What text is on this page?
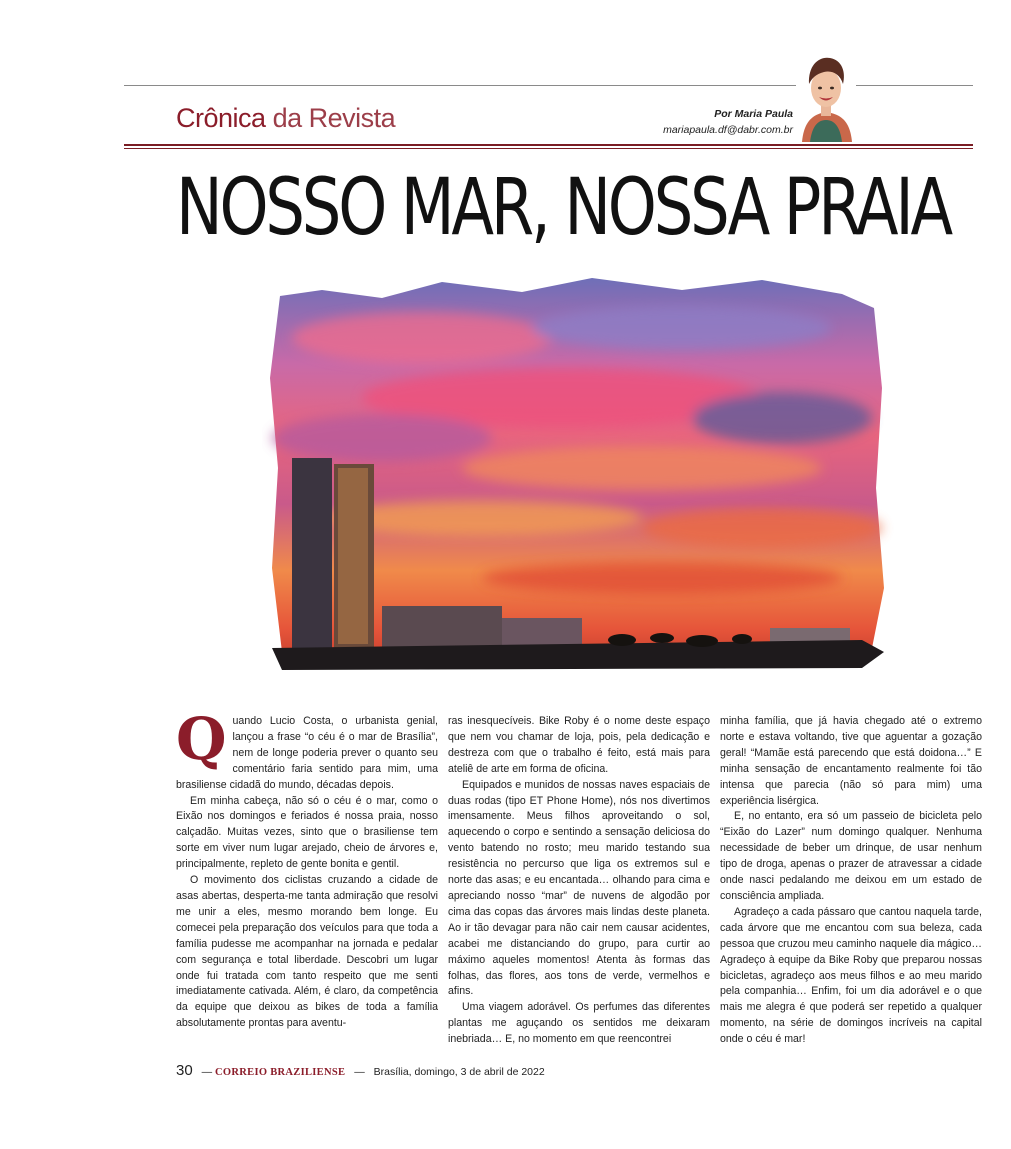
Crônica da Revista	Por Maria Paula
mariapaula.df@dabr.com.br
NOSSO MAR, NOSSA PRAIA
Q uando Lucio Costa, o urbanista genial, lançou a frase “o céu é o mar de Brasília”, nem de longe poderia prever o quanto seu comentário faria sentido para mim, uma brasiliense cidadã do mundo, décadas depois.

Em minha cabeça, não só o céu é o mar, como o Eixão nos domingos e feriados é nossa praia, nosso calçadão. Muitas vezes, sinto que o brasiliense tem sorte em viver num lugar arejado, cheio de árvores e, principalmente, repleto de gente bonita e gentil.

O movimento dos ciclistas cruzando a cidade de asas abertas, desperta-me tanta admiração que resolvi me unir a eles, mesmo morando bem longe. Eu comecei pela preparação dos veículos para que toda a família pudesse me acompanhar na jornada e pedalar com segurança e total liberdade. Descobri um lugar onde fui tratada com tanto respeito que me senti imediatamente cativada. Além, é claro, da competência da equipe que deixou as bikes de toda a família absolutamente prontas para aventu-

ras inesquecíveis. Bike Roby é o nome deste espaço que nem vou chamar de loja, pois, pela dedicação e destreza com que o trabalho é feito, está mais para ateliê de arte em forma de oficina.

Equipados e munidos de nossas naves espaciais de duas rodas (tipo ET Phone Home), nós nos divertimos imensamente. Meus filhos aproveitando o sol, aquecendo o corpo e sentindo a sensação deliciosa do vento batendo no rosto; meu marido testando sua resistência no percurso que liga os extremos sul e norte das asas; e eu encantada… olhando para cima e apreciando nosso “mar” de nuvens de algodão por cima das copas das árvores mais lindas deste planeta. Ao ir tão devagar para não cair nem causar acidentes, acabei me distanciando do grupo, para curtir ao máximo aqueles momentos! Atenta às formas das folhas, das flores, aos tons de verde, vermelhos e afins.

Uma viagem adorável. Os perfumes das diferentes plantas me aguçando os sentidos me deixaram inebriada… E, no momento em que reencontrei

minha família, que já havia chegado até o extremo norte e estava voltando, tive que aguentar a gozação geral! “Mamãe está parecendo que está doidona…” E minha sensação de encantamento realmente foi tão intensa que parecia (não só para mim) uma experiência lisérgica.

E, no entanto, era só um passeio de bicicleta pelo “Eixão do Lazer” num domingo qualquer. Nenhuma necessidade de beber um drinque, de usar nenhum tipo de droga, apenas o prazer de atravessar a cidade onde nasci pedalando me deixou em um estado de consciência ampliada.

Agradeço a cada pássaro que cantou naquela tarde, cada árvore que me encantou com sua beleza, cada pessoa que cruzou meu caminho naquele dia mágico… Agradeço à equipe da Bike Roby que preparou nossas bicicletas, agradeço aos meus filhos e ao meu marido pela companhia… Enfim, foi um dia adorável e o que mais me alegra é que poderá ser repetido a qualquer momento, na série de domingos incríveis na capital onde o céu é mar!

30 — CORREIO BRAZILIENSE — Brasília, domingo, 3 de abril de 2022
